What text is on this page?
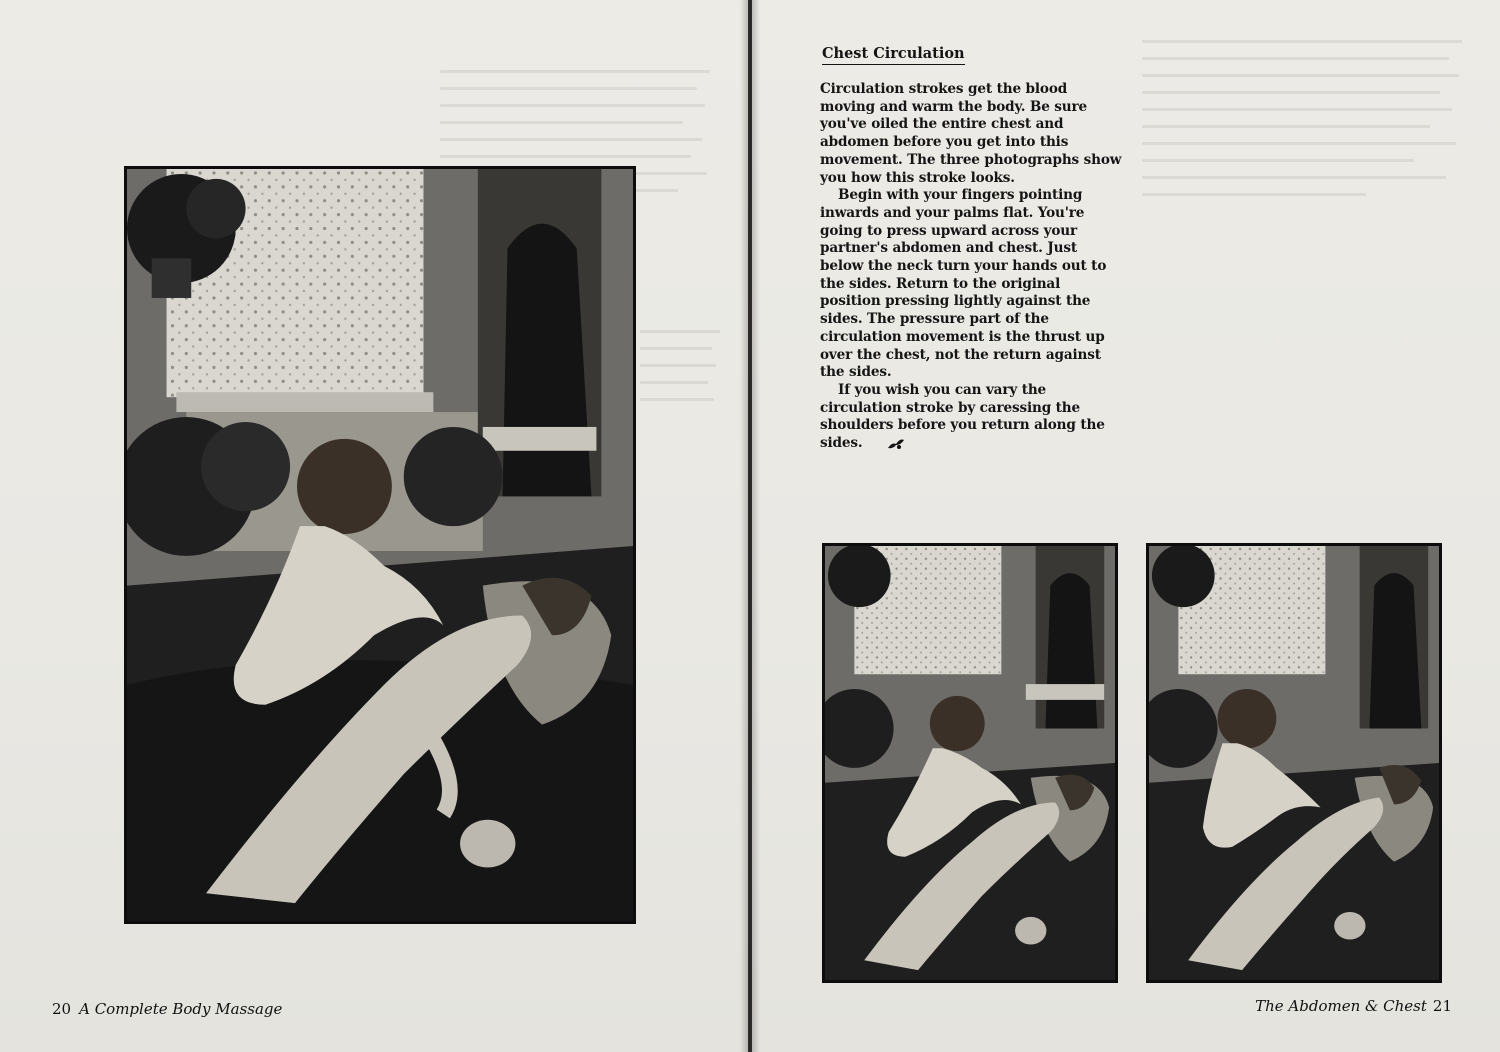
20 A Complete Body Massage
Chest Circulation

Circulation strokes get the blood moving and warm the body. Be sure you've oiled the entire chest and abdomen before you get into this movement. The three photographs show you how this stroke looks.

Begin with your fingers pointing inwards and your palms flat. You're going to press upward across your partner's abdomen and chest. Just below the neck turn your hands out to the sides. Return to the original position pressing lightly against the sides. The pressure part of the circulation movement is the thrust up over the chest, not the return against the sides.

If you wish you can vary the circulation stroke by caressing the shoulders before you return along the sides.

The Abdomen & Chest 21
